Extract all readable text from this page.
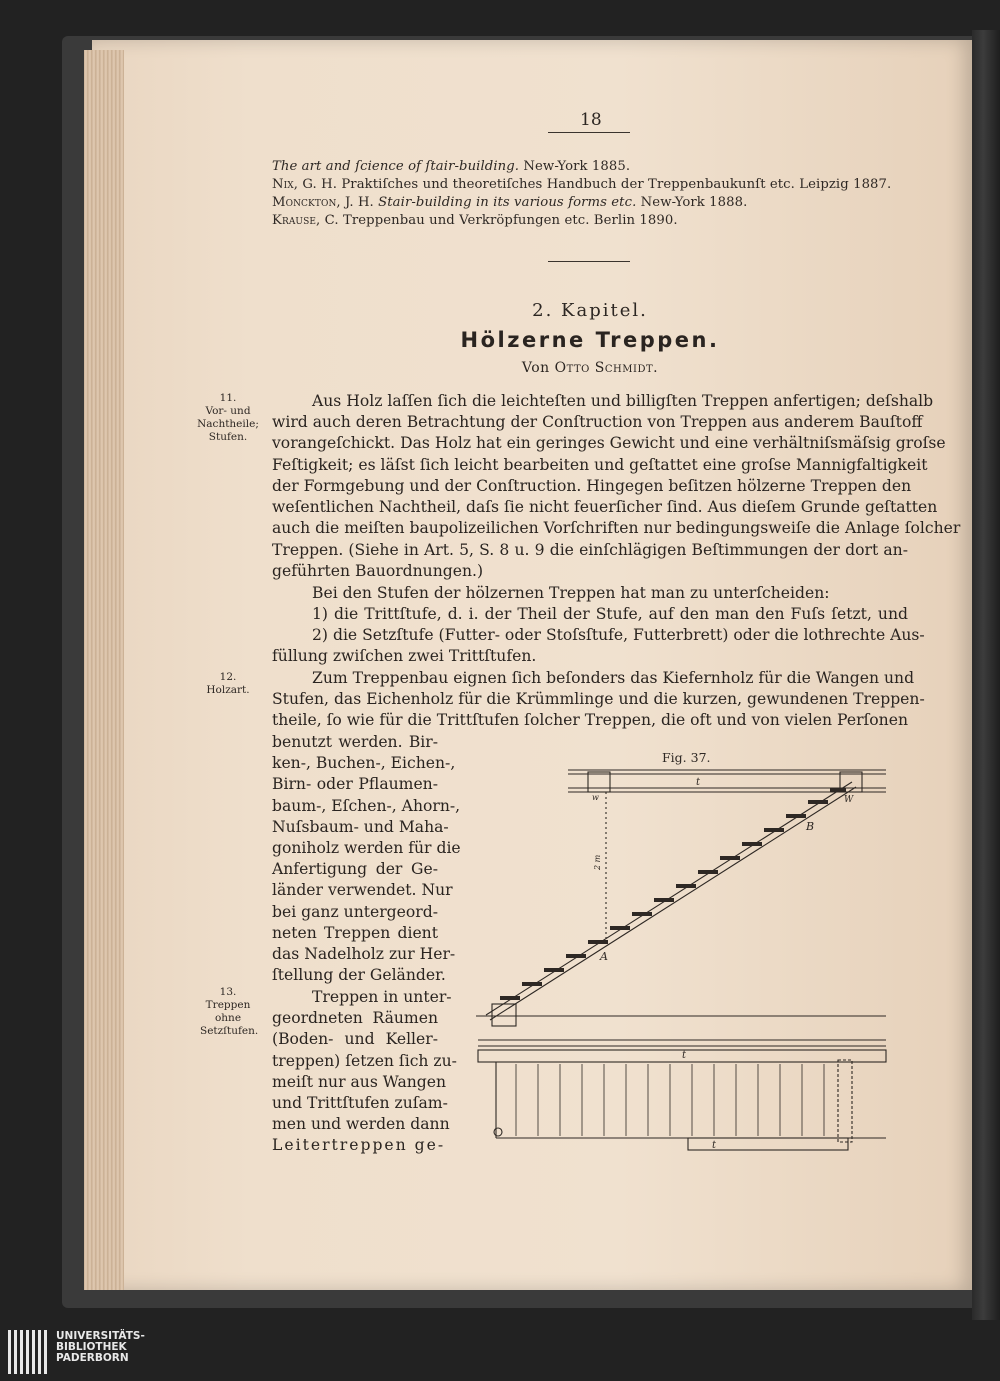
18
The art and ſcience of ſtair-building. New-York 1885.
Nix, G. H. Praktiſches und theoretiſches Handbuch der Treppenbaukunſt etc. Leipzig 1887.
Monckton, J. H. Stair-building in its various forms etc. New-York 1888.
Krause, C. Treppenbau und Verkröpfungen etc. Berlin 1890.
2. Kapitel.
Hölzerne Treppen.
Von Otto Schmidt.
11.
Vor- und Nachtheile; Stufen.
12.
Holzart.
13.
Treppen ohne Setzſtufen.
Aus Holz laſſen ſich die leichteſten und billigſten Treppen anfertigen; deſshalb
wird auch deren Betrachtung der Conſtruction von Treppen aus anderem Bauſtoff
vorangeſchickt. Das Holz hat ein geringes Gewicht und eine verhältniſsmäſsig groſse
Feſtigkeit; es läſst ſich leicht bearbeiten und geſtattet eine groſse Mannigfaltigkeit
der Formgebung und der Conſtruction. Hingegen beſitzen hölzerne Treppen den
weſentlichen Nachtheil, daſs ſie nicht feuerſicher ſind. Aus dieſem Grunde geſtatten
auch die meiſten baupolizeilichen Vorſchriften nur bedingungsweiſe die Anlage ſolcher
Treppen. (Siehe in Art. 5, S. 8 u. 9 die einſchlägigen Beſtimmungen der dort an-
geführten Bauordnungen.)
Bei den Stufen der hölzernen Treppen hat man zu unterſcheiden:
1) die Trittſtufe, d. i. der Theil der Stufe, auf den man den Fuſs ſetzt, und
2) die Setzſtufe (Futter- oder Stoſsſtufe, Futterbrett) oder die lothrechte Aus-
füllung zwiſchen zwei Trittſtufen.
Zum Treppenbau eignen ſich beſonders das Kiefernholz für die Wangen und
Stufen, das Eichenholz für die Krümmlinge und die kurzen, gewundenen Treppen-
theile, ſo wie für die Trittſtufen ſolcher Treppen, die oft und von vielen Perſonen
benutzt werden. Bir-
ken-, Buchen-, Eichen-,
Birn- oder Pflaumen-
baum-, Eſchen-, Ahorn-,
Nuſsbaum- und Maha-
goniholz werden für die
Anfertigung der Ge-
länder verwendet. Nur
bei ganz untergeord-
neten Treppen dient
das Nadelholz zur Her-
ſtellung der Geländer.
Treppen in unter-
geordneten Räumen
(Boden- und Keller-
treppen) ſetzen ſich zu-
meiſt nur aus Wangen
und Trittſtufen zuſam-
men und werden dann
Leitertreppen ge-
Fig. 37.
t
t
t
A
B
W
w
2 m
UNIVERSITÄTS-
BIBLIOTHEK
PADERBORN
